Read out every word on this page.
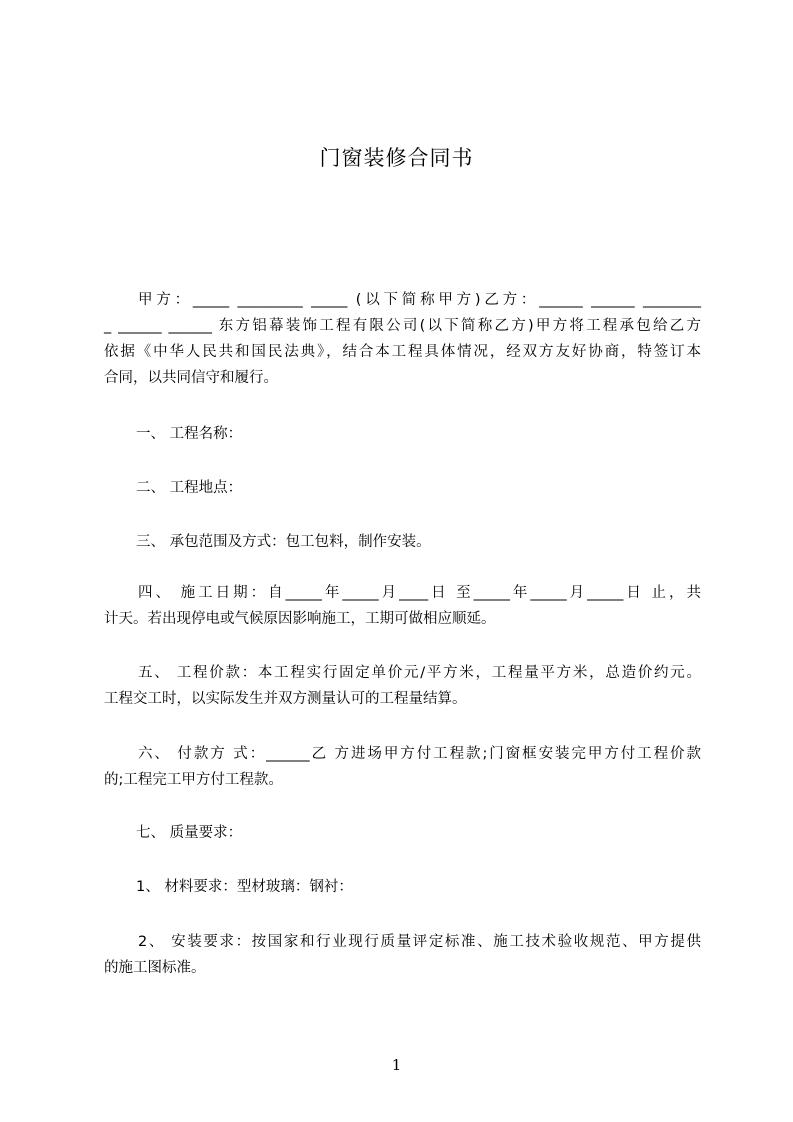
门窗装修合同书
甲方：_____ _________ _____ (以下简称甲方)乙方：______ ______ ________
_ ______ ______ 东方铝幕装饰工程有限公司(以下简称乙方)甲方将工程承包给乙方
依据《中华人民共和国民法典》，结合本工程具体情况，经双方友好协商，特签订本
合同，以共同信守和履行。
一、 工程名称：
二、 工程地点：
三、 承包范围及方式：包工包料，制作安装。
四、 施工日期：自_____年_____月____日 至_____年_____月_____日 止，共
计天。若出现停电或气候原因影响施工，工期可做相应顺延。
五、 工程价款：本工程实行固定单价元/平方米，工程量平方米，总造价约元。
工程交工时，以实际发生并双方测量认可的工程量结算。
六、 付款方 式：______乙 方进场甲方付工程款;门窗框安装完甲方付工程价款
的;工程完工甲方付工程款。
七、 质量要求：
1、 材料要求：型材玻璃：钢衬：
2、 安装要求：按国家和行业现行质量评定标准、施工技术验收规范、甲方提供
的施工图标准。
1
